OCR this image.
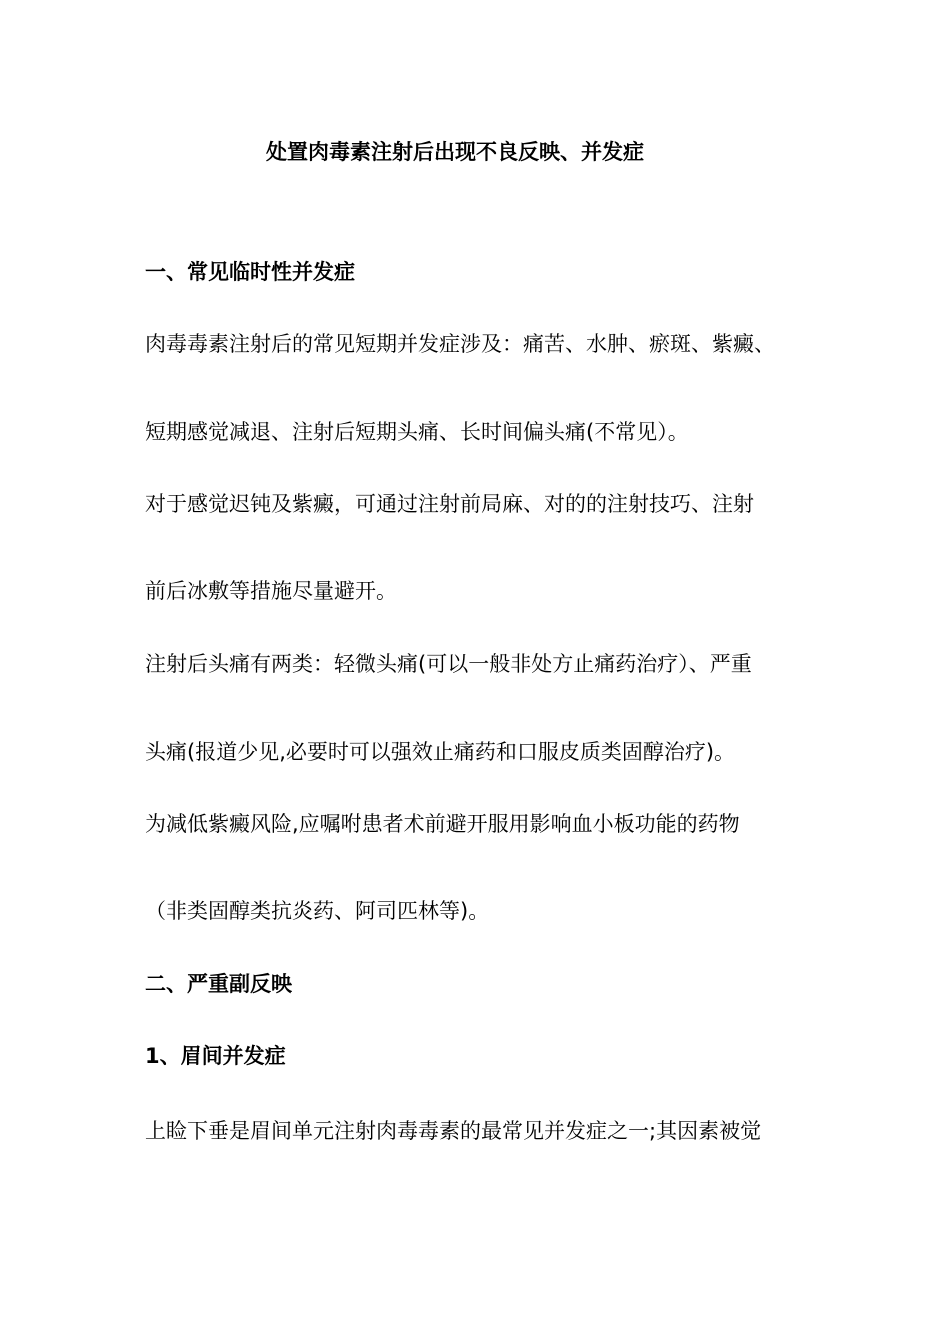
处置肉毒素注射后出现不良反映、并发症
一、常见临时性并发症
肉毒毒素注射后的常见短期并发症涉及：痛苦、水肿、瘀斑、紫癜、
短期感觉减退、注射后短期头痛、长时间偏头痛(不常见）。
对于感觉迟钝及紫癜，可通过注射前局麻、对的的注射技巧、注射
前后冰敷等措施尽量避开。
注射后头痛有两类：轻微头痛(可以一般非处方止痛药治疗）、严重
头痛(报道少见,必要时可以强效止痛药和口服皮质类固醇治疗)。
为减低紫癜风险,应嘱咐患者术前避开服用影响血小板功能的药物
（非类固醇类抗炎药、阿司匹林等)。
二、严重副反映
1、眉间并发症
上睑下垂是眉间单元注射肉毒毒素的最常见并发症之一;其因素被觉
